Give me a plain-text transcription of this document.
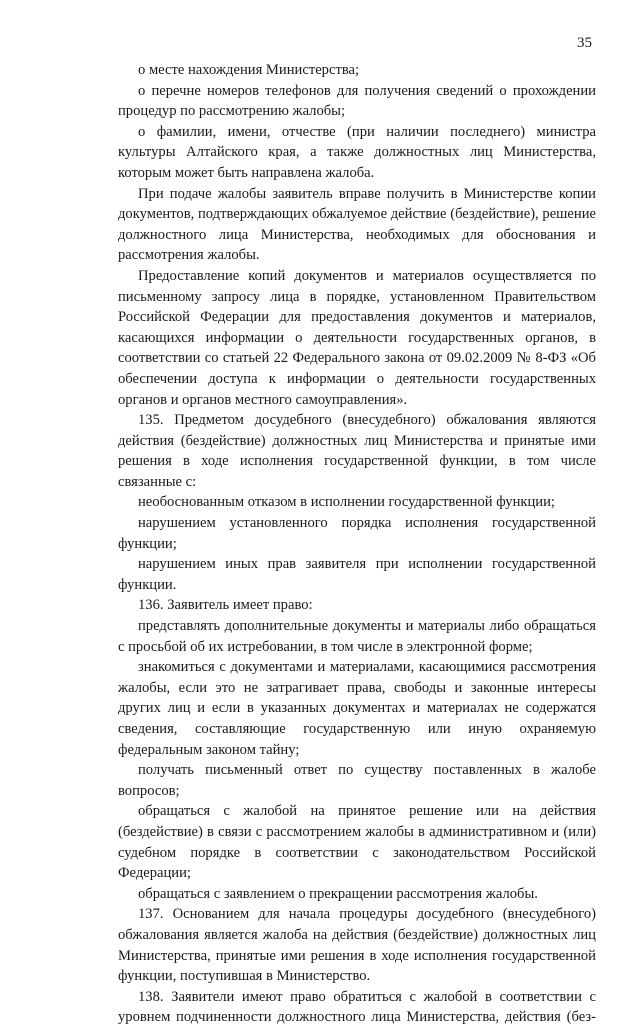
35

о месте нахождения Министерства;

о перечне номеров телефонов для получения сведений о прохождении процедур по рассмотрению жалобы;

о фамилии, имени, отчестве (при наличии последнего) министра культуры Алтайского края, а также должностных лиц Министерства, которым может быть направлена жалоба.

При подаче жалобы заявитель вправе получить в Министерстве копии документов, подтверждающих обжалуемое действие (бездействие), решение должностного лица Министерства, необходимых для обоснования и рассмотрения жалобы.

Предоставление копий документов и материалов осуществляется по письменному запросу лица в порядке, установленном Правительством Российской Федерации для предоставления документов и материалов, касающихся информации о деятельности государственных органов, в соответствии со статьей 22 Федерального закона от 09.02.2009 № 8-ФЗ «Об обеспечении доступа к информации о деятельности государственных органов и органов местного самоуправления».

135. Предметом досудебного (внесудебного) обжалования являются действия (бездействие) должностных лиц Министерства и принятые ими решения в ходе исполнения государственной функции, в том числе связанные с:

необоснованным отказом в исполнении государственной функции;

нарушением установленного порядка исполнения государственной функции;

нарушением иных прав заявителя при исполнении государственной функции.

136. Заявитель имеет право:

представлять дополнительные документы и материалы либо обращаться с просьбой об их истребовании, в том числе в электронной форме;

знакомиться с документами и материалами, касающимися рассмотрения жалобы, если это не затрагивает права, свободы и законные интересы других лиц и если в указанных документах и материалах не содержатся сведения, составляющие государственную или иную охраняемую федеральным законом тайну;

получать письменный ответ по существу поставленных в жалобе вопросов;

обращаться с жалобой на принятое решение или на действия (бездействие) в связи с рассмотрением жалобы в административном и (или) судебном порядке в соответствии с законодательством Российской Федерации;

обращаться с заявлением о прекращении рассмотрения жалобы.

137. Основанием для начала процедуры досудебного (внесудебного) обжалования является жалоба на действия (бездействие) должностных лиц Министерства, принятые ими решения в ходе исполнения государственной функции, поступившая в Министерство.

138. Заявители имеют право обратиться с жалобой в соответствии с уровнем подчиненности должностного лица Министерства, действия (без-
